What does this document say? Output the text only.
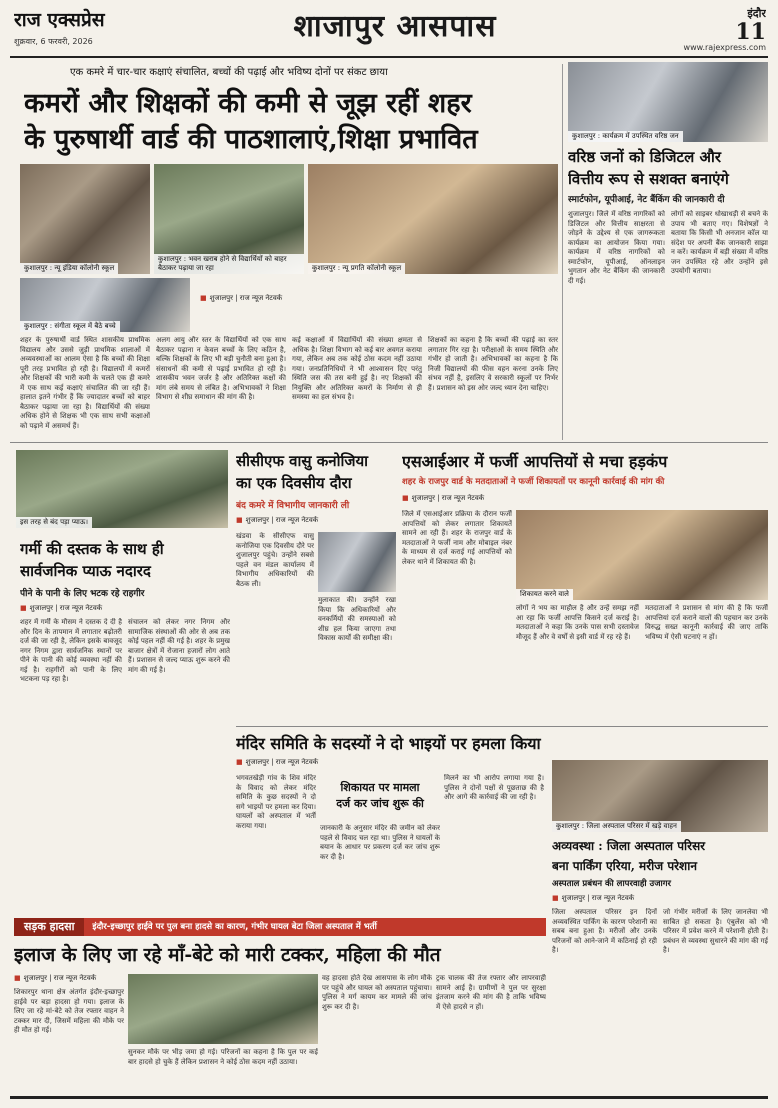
राज एक्सप्रेस
शुक्रवार, 6 फरवरी, 2026	शाजापुर आसपास	इंदौर
11
www.rajexpress.com
एक कमरे में चार-चार कक्षाएं संचालित, बच्चों की पढ़ाई और भविष्य दोनों पर संकट छाया
कमरों और शिक्षकों की कमी से जूझ रहीं शहर
के पुरुषार्थी वार्ड की पाठशालाएं,शिक्षा प्रभावित
कुशालपुर : न्यू इंडिया कॉलोनी स्कूल
कुशालपुर : भवन खराब होने से विद्यार्थियों को बाहर बैठाकर पढ़ाया जा रहा	कुशालपुर : न्यू प्रगति कॉलोनी स्कूल
कुशालपुर : संगीता स्कूल में बैठे बच्चे
■ शुजालपुर | राज न्यूज नेटवर्क
शहर के पुरुषार्थी वार्ड स्थित शासकीय प्राथमिक विद्यालय और उससे जुड़ी प्राथमिक शालाओं में अव्यवस्थाओं का आलम ऐसा है कि बच्चों की शिक्षा पूरी तरह प्रभावित हो रही है। विद्यालयों में कमरों और शिक्षकों की भारी कमी के चलते एक ही कमरे में एक साथ कई कक्षाएं संचालित की जा रही हैं। हालात इतने गंभीर हैं कि ज्यादातर बच्चों को बाहर बैठाकर पढ़ाया जा रहा है। विद्यार्थियों की संख्या अधिक होने से शिक्षक भी एक साथ सभी कक्षाओं को पढ़ाने में असमर्थ हैं।
अलग आयु और स्तर के विद्यार्थियों को एक साथ बैठाकर पढ़ाना न केवल बच्चों के लिए कठिन है, बल्कि शिक्षकों के लिए भी बड़ी चुनौती बना हुआ है। संसाधनों की कमी से पढ़ाई प्रभावित हो रही है। शासकीय भवन जर्जर है और अतिरिक्त कक्षों की मांग लंबे समय से लंबित है। अभिभावकों ने शिक्षा विभाग से शीघ्र समाधान की मांग की है।
कई कक्षाओं में विद्यार्थियों की संख्या क्षमता से अधिक है। शिक्षा विभाग को कई बार अवगत कराया गया, लेकिन अब तक कोई ठोस कदम नहीं उठाया गया। जनप्रतिनिधियों ने भी आश्वासन दिए परंतु स्थिति जस की तस बनी हुई है। नए शिक्षकों की नियुक्ति और अतिरिक्त कमरों के निर्माण से ही समस्या का हल संभव है।
शिक्षकों का कहना है कि बच्चों की पढ़ाई का स्तर लगातार गिर रहा है। परीक्षाओं के समय स्थिति और गंभीर हो जाती है। अभिभावकों का कहना है कि निजी विद्यालयों की फीस वहन करना उनके लिए संभव नहीं है, इसलिए वे सरकारी स्कूलों पर निर्भर हैं। प्रशासन को इस ओर जल्द ध्यान देना चाहिए।
कुशालपुर : कार्यक्रम में उपस्थित वरिष्ठ जन
वरिष्ठ जनों को डिजिटल और
वित्तीय रूप से सशक्त बनाएंगे
स्मार्टफोन, यूपीआई, नेट बैंकिंग की जानकारी दी
शुजालपुर। जिले में वरिष्ठ नागरिकों को डिजिटल और वित्तीय साक्षरता से जोड़ने के उद्देश्य से एक जागरूकता कार्यक्रम का आयोजन किया गया। कार्यक्रम में वरिष्ठ नागरिकों को स्मार्टफोन, यूपीआई, ऑनलाइन भुगतान और नेट बैंकिंग की जानकारी दी गई।
लोगों को साइबर धोखाधड़ी से बचने के उपाय भी बताए गए। विशेषज्ञों ने बताया कि किसी भी अनजान कॉल या संदेश पर अपनी बैंक जानकारी साझा न करें। कार्यक्रम में बड़ी संख्या में वरिष्ठ जन उपस्थित रहे और उन्होंने इसे उपयोगी बताया।
इस तरह से बंद पड़ा प्याऊ।
गर्मी की दस्तक के साथ ही
सार्वजनिक प्याऊ नदारद
पीने के पानी के लिए भटक रहे राहगीर
■ शुजालपुर | राज न्यूज नेटवर्क
शहर में गर्मी के मौसम ने दस्तक दे दी है और दिन के तापमान में लगातार बढ़ोतरी दर्ज की जा रही है, लेकिन इसके बावजूद नगर निगम द्वारा सार्वजनिक स्थानों पर पीने के पानी की कोई व्यवस्था नहीं की गई है। राहगीरों को पानी के लिए भटकना पड़ रहा है।
संचालन को लेकर नगर निगम और सामाजिक संस्थाओं की ओर से अब तक कोई पहल नहीं की गई है। शहर के प्रमुख बाजार क्षेत्रों में रोजाना हजारों लोग आते हैं। प्रशासन से जल्द प्याऊ शुरू करने की मांग की गई है।
सीसीएफ वासु कनोजिया
का एक दिवसीय दौरा
बंद कमरे में विभागीय जानकारी ली
■ शुजालपुर | राज न्यूज नेटवर्क
खंडवा के सीसीएफ वासु कनोजिया एक दिवसीय दौरे पर शुजालपुर पहुंचे। उन्होंने सबसे पहले वन मंडल कार्यालय में विभागीय अधिकारियों की बैठक ली।
मुलाकात की। उन्होंने रखा किया कि अधिकारियों और वनकर्मियों की समस्याओं को शीघ्र हल किया जाएगा तथा विकास कार्यों की समीक्षा की।
एसआईआर में फर्जी आपत्तियों से मचा हड़कंप
शहर के राजपुर वार्ड के मतदाताओं ने फर्जी शिकायतों पर कानूनी कार्रवाई की मांग की
■ शुजालपुर | राज न्यूज नेटवर्क
जिले में एसआईआर प्रक्रिया के दौरान फर्जी आपत्तियों को लेकर लगातार शिकायतें सामने आ रही हैं। शहर के राजपुर वार्ड के मतदाताओं ने फर्जी नाम और मोबाइल नंबर के माध्यम से दर्ज कराई गई आपत्तियों को लेकर थाने में शिकायत की है।
शिकायत करने वाले
लोगों ने भय का माहौल है और उन्हें समझ नहीं आ रहा कि फर्जी आपत्ति किसने दर्ज कराई है। मतदाताओं ने कहा कि उनके पास सभी दस्तावेज मौजूद हैं और वे वर्षों से इसी वार्ड में रह रहे हैं।
मतदाताओं ने प्रशासन से मांग की है कि फर्जी आपत्तियां दर्ज कराने वालों की पहचान कर उनके विरुद्ध सख्त कानूनी कार्रवाई की जाए ताकि भविष्य में ऐसी घटनाएं न हों।
मंदिर समिति के सदस्यों ने दो भाइयों पर हमला किया
■ शुजालपुर | राज न्यूज नेटवर्क
भगवतखेड़ी गांव के शिव मंदिर के विवाद को लेकर मंदिर समिति के कुछ सदस्यों ने दो सगे भाइयों पर हमला कर दिया। घायलों को अस्पताल में भर्ती कराया गया।
शिकायत पर मामला
दर्ज कर जांच शुरू की
जानकारी के अनुसार मंदिर की जमीन को लेकर पहले से विवाद चल रहा था। पुलिस ने घायलों के बयान के आधार पर प्रकरण दर्ज कर जांच शुरू कर दी है।
मिलने का भी आरोप लगाया गया है। पुलिस ने दोनों पक्षों से पूछताछ की है और आगे की कार्रवाई की जा रही है।
कुशालपुर : जिला अस्पताल परिसर में खड़े वाहन
अव्यवस्था : जिला अस्पताल परिसर
बना पार्किंग एरिया, मरीज परेशान
अस्पताल प्रबंधन की लापरवाही उजागर
■ शुजालपुर | राज न्यूज नेटवर्क
जिला अस्पताल परिसर इन दिनों अव्यवस्थित पार्किंग के कारण परेशानी का सबब बना हुआ है। मरीजों और उनके परिजनों को आने-जाने में कठिनाई हो रही है।
जो गंभीर मरीजों के लिए जानलेवा भी साबित हो सकता है। एंबुलेंस को भी परिसर में प्रवेश करने में परेशानी होती है। प्रबंधन से व्यवस्था सुधारने की मांग की गई है।
सड़क हादसा	इंदौर-इच्छापुर हाईवे पर पुल बना हादसे का कारण, गंभीर घायल बेटा जिला अस्पताल में भर्ती
इलाज के लिए जा रहे माँ-बेटे को मारी टक्कर, महिला की मौत
■ शुजालपुर | राज न्यूज नेटवर्क
शिकारपुर थाना क्षेत्र अंतर्गत इंदौर-इच्छापुर हाईवे पर बड़ा हादसा हो गया। इलाज के लिए जा रहे मां-बेटे को तेज रफ्तार वाहन ने टक्कर मार दी, जिसमें महिला की मौके पर ही मौत हो गई।
सुनकर मौके पर भीड़ जमा हो गई। परिजनों का कहना है कि पुल पर कई बार हादसे हो चुके हैं लेकिन प्रशासन ने कोई ठोस कदम नहीं उठाया।
वह हादसा होते देख आसपास के लोग मौके पर पहुंचे और घायल को अस्पताल पहुंचाया। पुलिस ने मर्ग कायम कर मामले की जांच शुरू कर दी है।
ट्रक चालक की तेज रफ्तार और लापरवाही सामने आई है। ग्रामीणों ने पुल पर सुरक्षा इंतजाम करने की मांग की है ताकि भविष्य में ऐसे हादसे न हों।
